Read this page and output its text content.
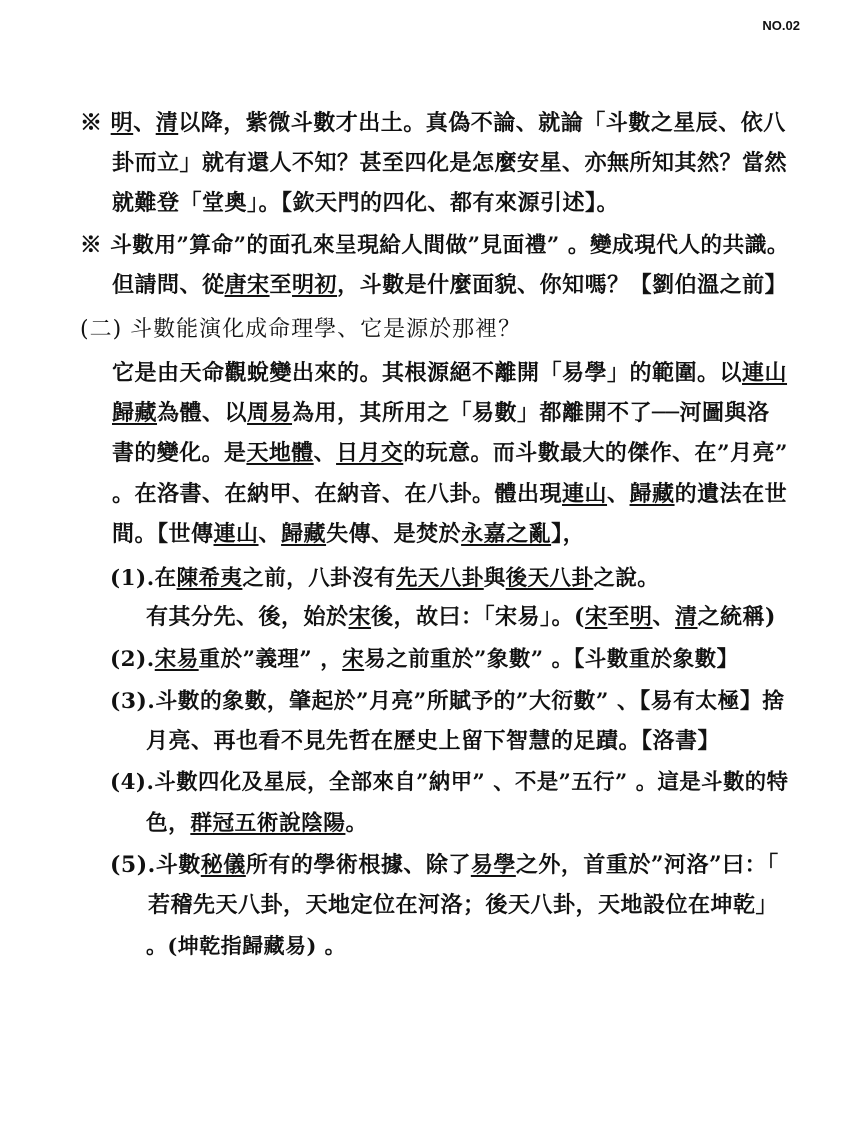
NO.02
※ 明、清以降，紫微斗數才出土。真偽不論、就論「斗數之星辰、依八
卦而立」就有還人不知？甚至四化是怎麼安星、亦無所知其然？當然
就難登「堂奧」。【欽天門的四化、都有來源引述】。
※ 斗數用”算命”的面孔來呈現給人間做”見面禮” 。變成現代人的共識。
但請問、從唐宋至明初，斗數是什麼面貌、你知嗎？【劉伯溫之前】
(二) 斗數能演化成命理學、它是源於那裡？
它是由天命觀蛻變出來的。其根源絕不離開「易學」的範圍。以連山
歸藏為體、以周易為用，其所用之「易數」都離開不了──河圖與洛
書的變化。是天地體、日月交的玩意。而斗數最大的傑作、在”月亮”
。在洛書、在納甲、在納音、在八卦。體出現連山、歸藏的遺法在世
間。【世傳連山、歸藏失傳、是焚於永嘉之亂】，
(1).在陳希夷之前，八卦沒有先天八卦與後天八卦之說。
有其分先、後，始於宋後，故曰：「宋易」。(宋至明、清之統稱)
(2).宋易重於”義理” ，宋易之前重於”象數” 。【斗數重於象數】
(3).斗數的象數，肇起於”月亮”所賦予的”大衍數” 、【易有太極】捨
月亮、再也看不見先哲在歷史上留下智慧的足蹟。【洛書】
(4).斗數四化及星辰，全部來自”納甲” 、不是”五行” 。這是斗數的特
色，群冠五術說陰陽。
(5).斗數秘儀所有的學術根據、除了易學之外，首重於”河洛”曰：「
若稽先天八卦，天地定位在河洛；後天八卦，天地設位在坤乾」
。(坤乾指歸藏易) 。
